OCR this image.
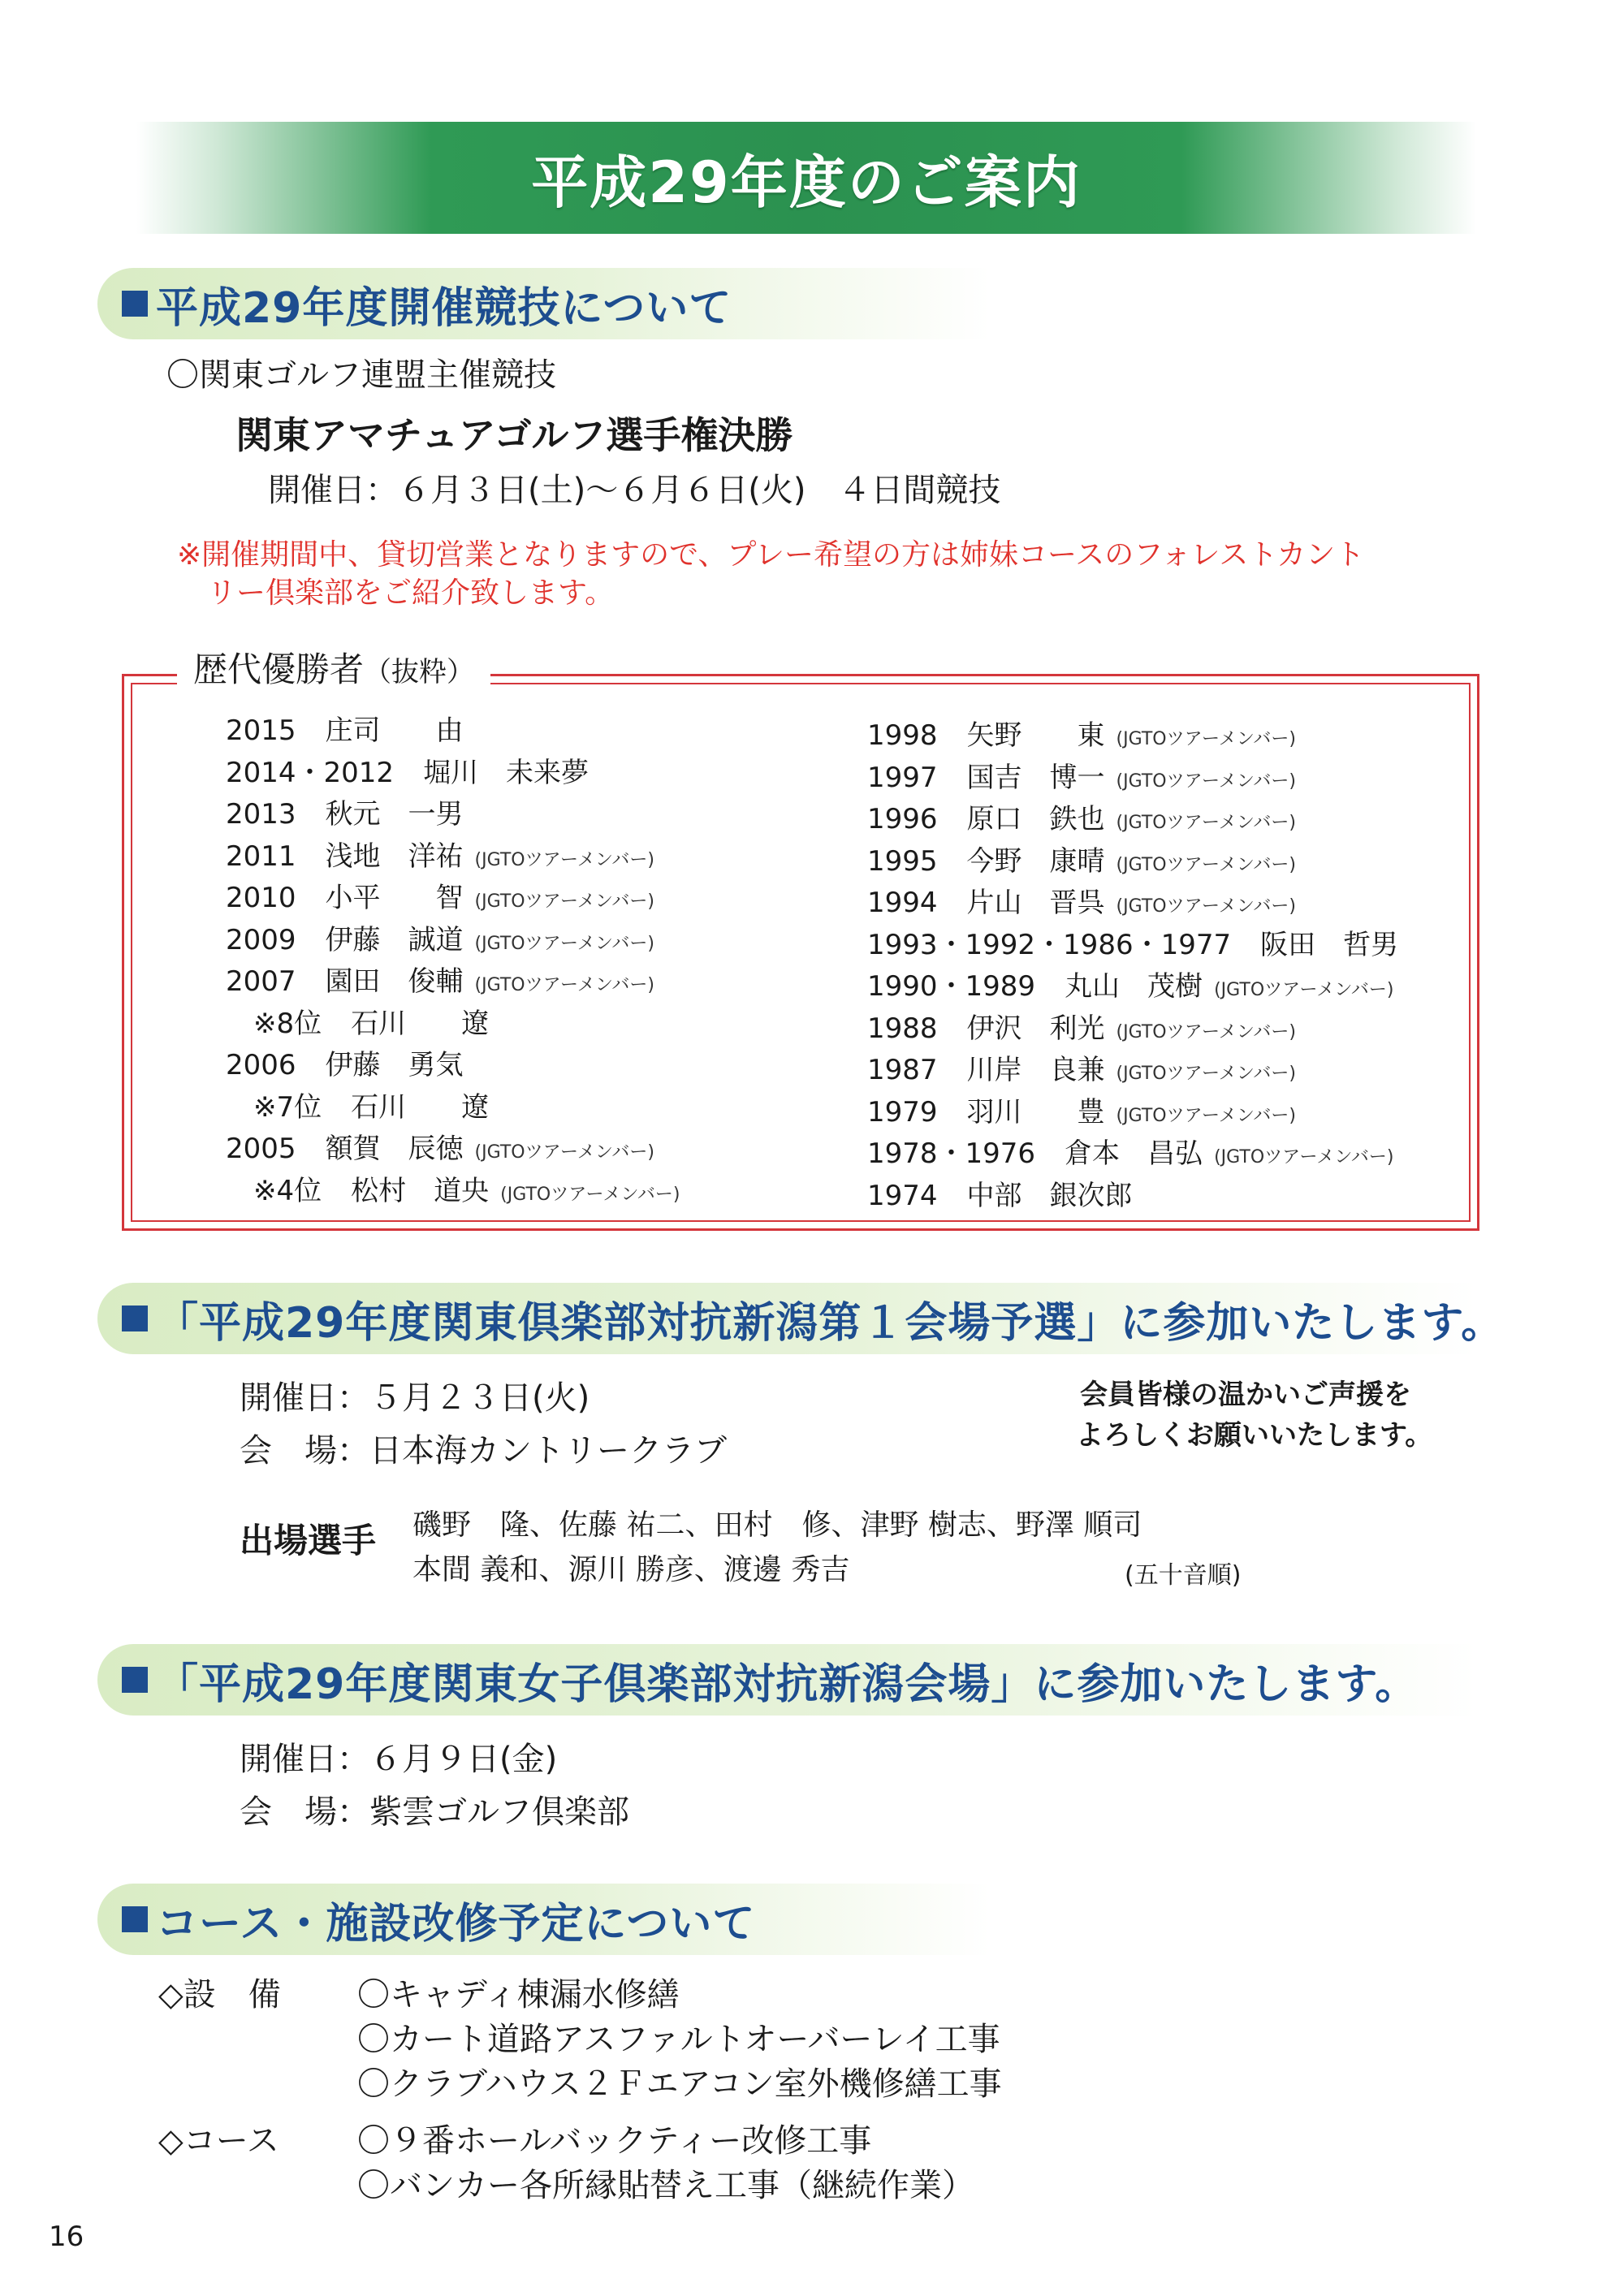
平成29年度のご案内
平成29年度開催競技について
〇関東ゴルフ連盟主催競技
関東アマチュアゴルフ選手権決勝
開催日：６月３日(土)～６月６日(火)　４日間競技
※開催期間中、貸切営業となりますので、プレー希望の方は姉妹コースのフォレストカント
リー倶楽部をご紹介致します。
歴代優勝者（抜粋）
2015 庄司　　由
2014・2012 堀川　未来夢
2013 秋元　一男
2011 浅地　洋祐 (JGTOツアーメンバー)
2010 小平　　智 (JGTOツアーメンバー)
2009 伊藤　誠道 (JGTOツアーメンバー)
2007 園田　俊輔 (JGTOツアーメンバー)
　※8位 石川　　遼
2006 伊藤　勇気
　※7位 石川　　遼
2005 額賀　辰徳 (JGTOツアーメンバー)
　※4位 松村　道央 (JGTOツアーメンバー)
1998 矢野　　東 (JGTOツアーメンバー)
1997 国吉　博一 (JGTOツアーメンバー)
1996 原口　鉄也 (JGTOツアーメンバー)
1995 今野　康晴 (JGTOツアーメンバー)
1994 片山　晋呉 (JGTOツアーメンバー)
1993・1992・1986・1977 阪田　哲男
1990・1989 丸山　茂樹 (JGTOツアーメンバー)
1988 伊沢　利光 (JGTOツアーメンバー)
1987 川岸　良兼 (JGTOツアーメンバー)
1979 羽川　　豊 (JGTOツアーメンバー)
1978・1976 倉本　昌弘 (JGTOツアーメンバー)
1974 中部　銀次郎
「平成29年度関東倶楽部対抗新潟第１会場予選」に参加いたします。
開催日：５月２３日(火)
会　場：日本海カントリークラブ
会員皆様の温かいご声援を
よろしくお願いいたします。
出場選手 磯野　隆、佐藤 祐二、田村　修、津野 樹志、野澤 順司
本間 義和、源川 勝彦、渡邊 秀吉	(五十音順)
「平成29年度関東女子倶楽部対抗新潟会場」に参加いたします。
開催日：６月９日(金)
会　場：紫雲ゴルフ倶楽部
コース・施設改修予定について
◇設　備 〇キャディ棟漏水修繕
〇カート道路アスファルトオーバーレイ工事
〇クラブハウス２Ｆエアコン室外機修繕工事
◇コース 〇９番ホールバックティー改修工事
〇バンカー各所縁貼替え工事（継続作業）
16
